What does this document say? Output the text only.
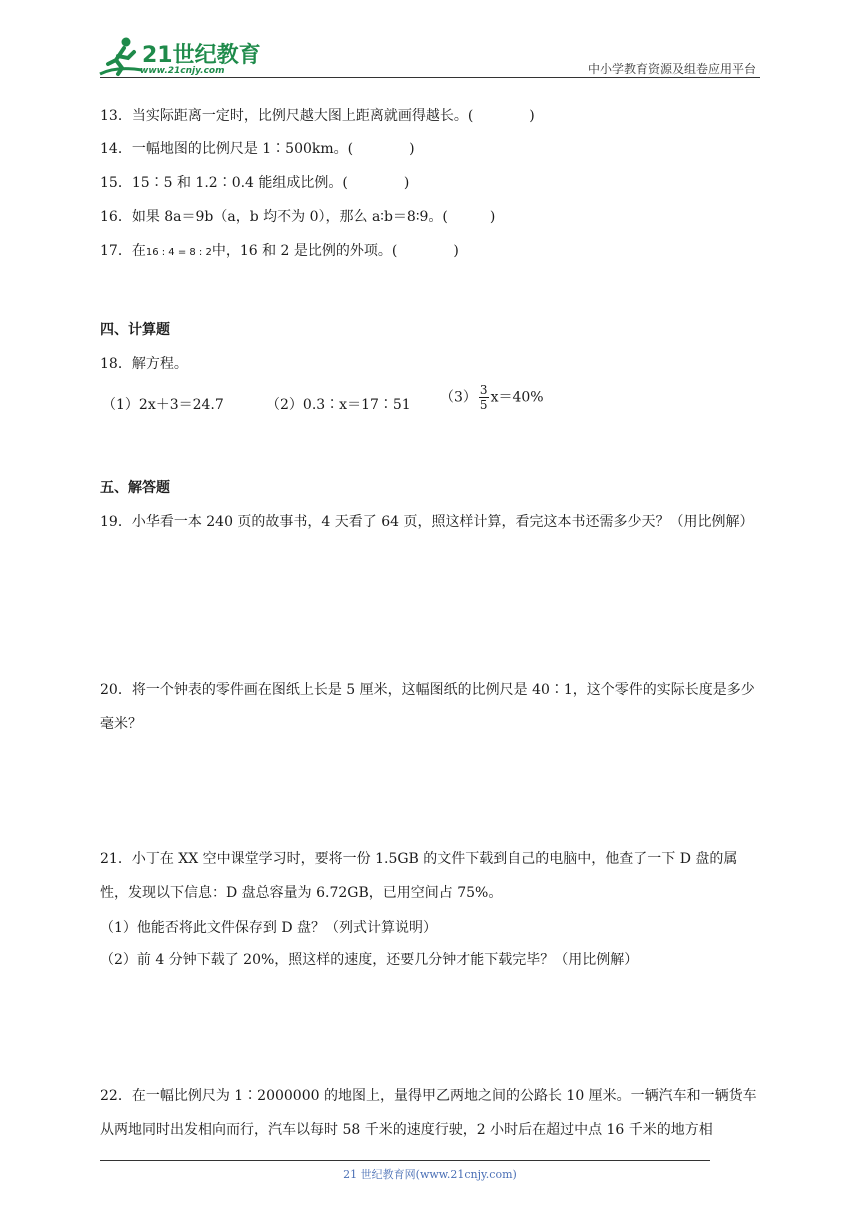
21世纪教育
www.21cnjy.com	中小学教育资源及组卷应用平台
13．当实际距离一定时，比例尺越大图上距离就画得越长。(　　　　)
14．一幅地图的比例尺是 1∶500km。(　　　　)
15．15∶5 和 1.2∶0.4 能组成比例。(　　　　)
16．如果 8a＝9b（a，b 均不为 0），那么 a∶b＝8∶9。(　　　)
17．在16 : 4 = 8 : 2中，16 和 2 是比例的外项。(　　　　)
四、计算题
18．解方程。
（1）2x＋3＝24.7	（2）0.3∶x＝17∶51 $(3) \frac{3}{5} x=40\%$
五、解答题
19．小华看一本 240 页的故事书，4 天看了 64 页，照这样计算，看完这本书还需多少天？（用比例解）
20．将一个钟表的零件画在图纸上长是 5 厘米，这幅图纸的比例尺是 40∶1，这个零件的实际长度是多少毫米？
21．小丁在 XX 空中课堂学习时，要将一份 1.5GB 的文件下载到自己的电脑中，他查了一下 D 盘的属性，发现以下信息：D 盘总容量为 6.72GB，已用空间占 75%。
（1）他能否将此文件保存到 D 盘？（列式计算说明）
（2）前 4 分钟下载了 20%，照这样的速度，还要几分钟才能下载完毕？（用比例解）
22．在一幅比例尺为 1∶2000000 的地图上，量得甲乙两地之间的公路长 10 厘米。一辆汽车和一辆货车从两地同时出发相向而行，汽车以每时 58 千米的速度行驶，2 小时后在超过中点 16 千米的地方相
21 世纪教育网(www.21cnjy.com)
